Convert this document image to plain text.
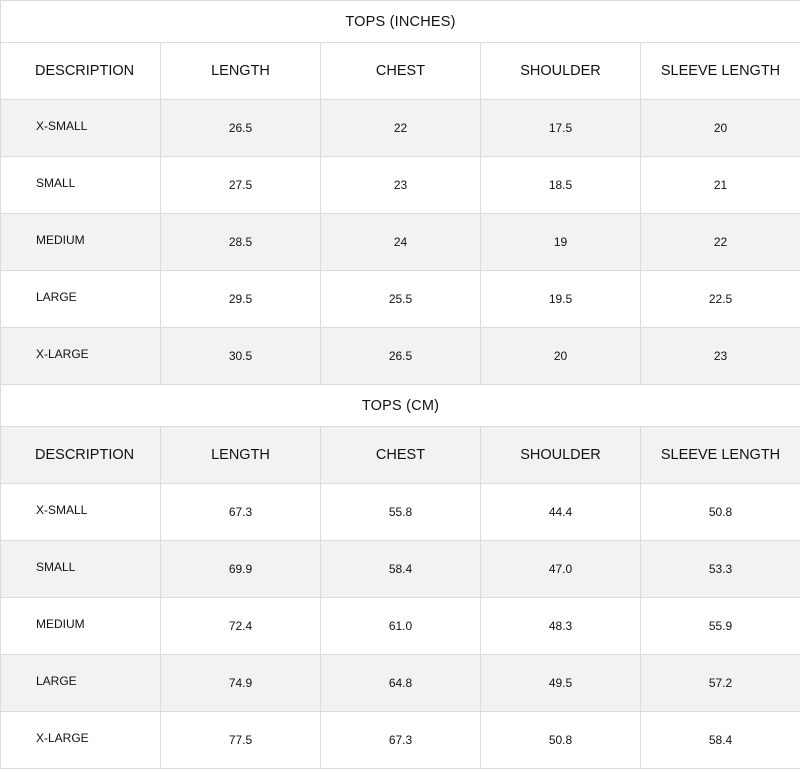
TOPS (INCHES)				
DESCRIPTION	LENGTH	CHEST	SHOULDER	SLEEVE LENGTH
X-SMALL	26.5	22	17.5	20
SMALL	27.5	23	18.5	21
MEDIUM	28.5	24	19	22
LARGE	29.5	25.5	19.5	22.5
X-LARGE	30.5	26.5	20	23
TOPS (CM)				
DESCRIPTION	LENGTH	CHEST	SHOULDER	SLEEVE LENGTH
X-SMALL	67.3	55.8	44.4	50.8
SMALL	69.9	58.4	47.0	53.3
MEDIUM	72.4	61.0	48.3	55.9
LARGE	74.9	64.8	49.5	57.2
X-LARGE	77.5	67.3	50.8	58.4
